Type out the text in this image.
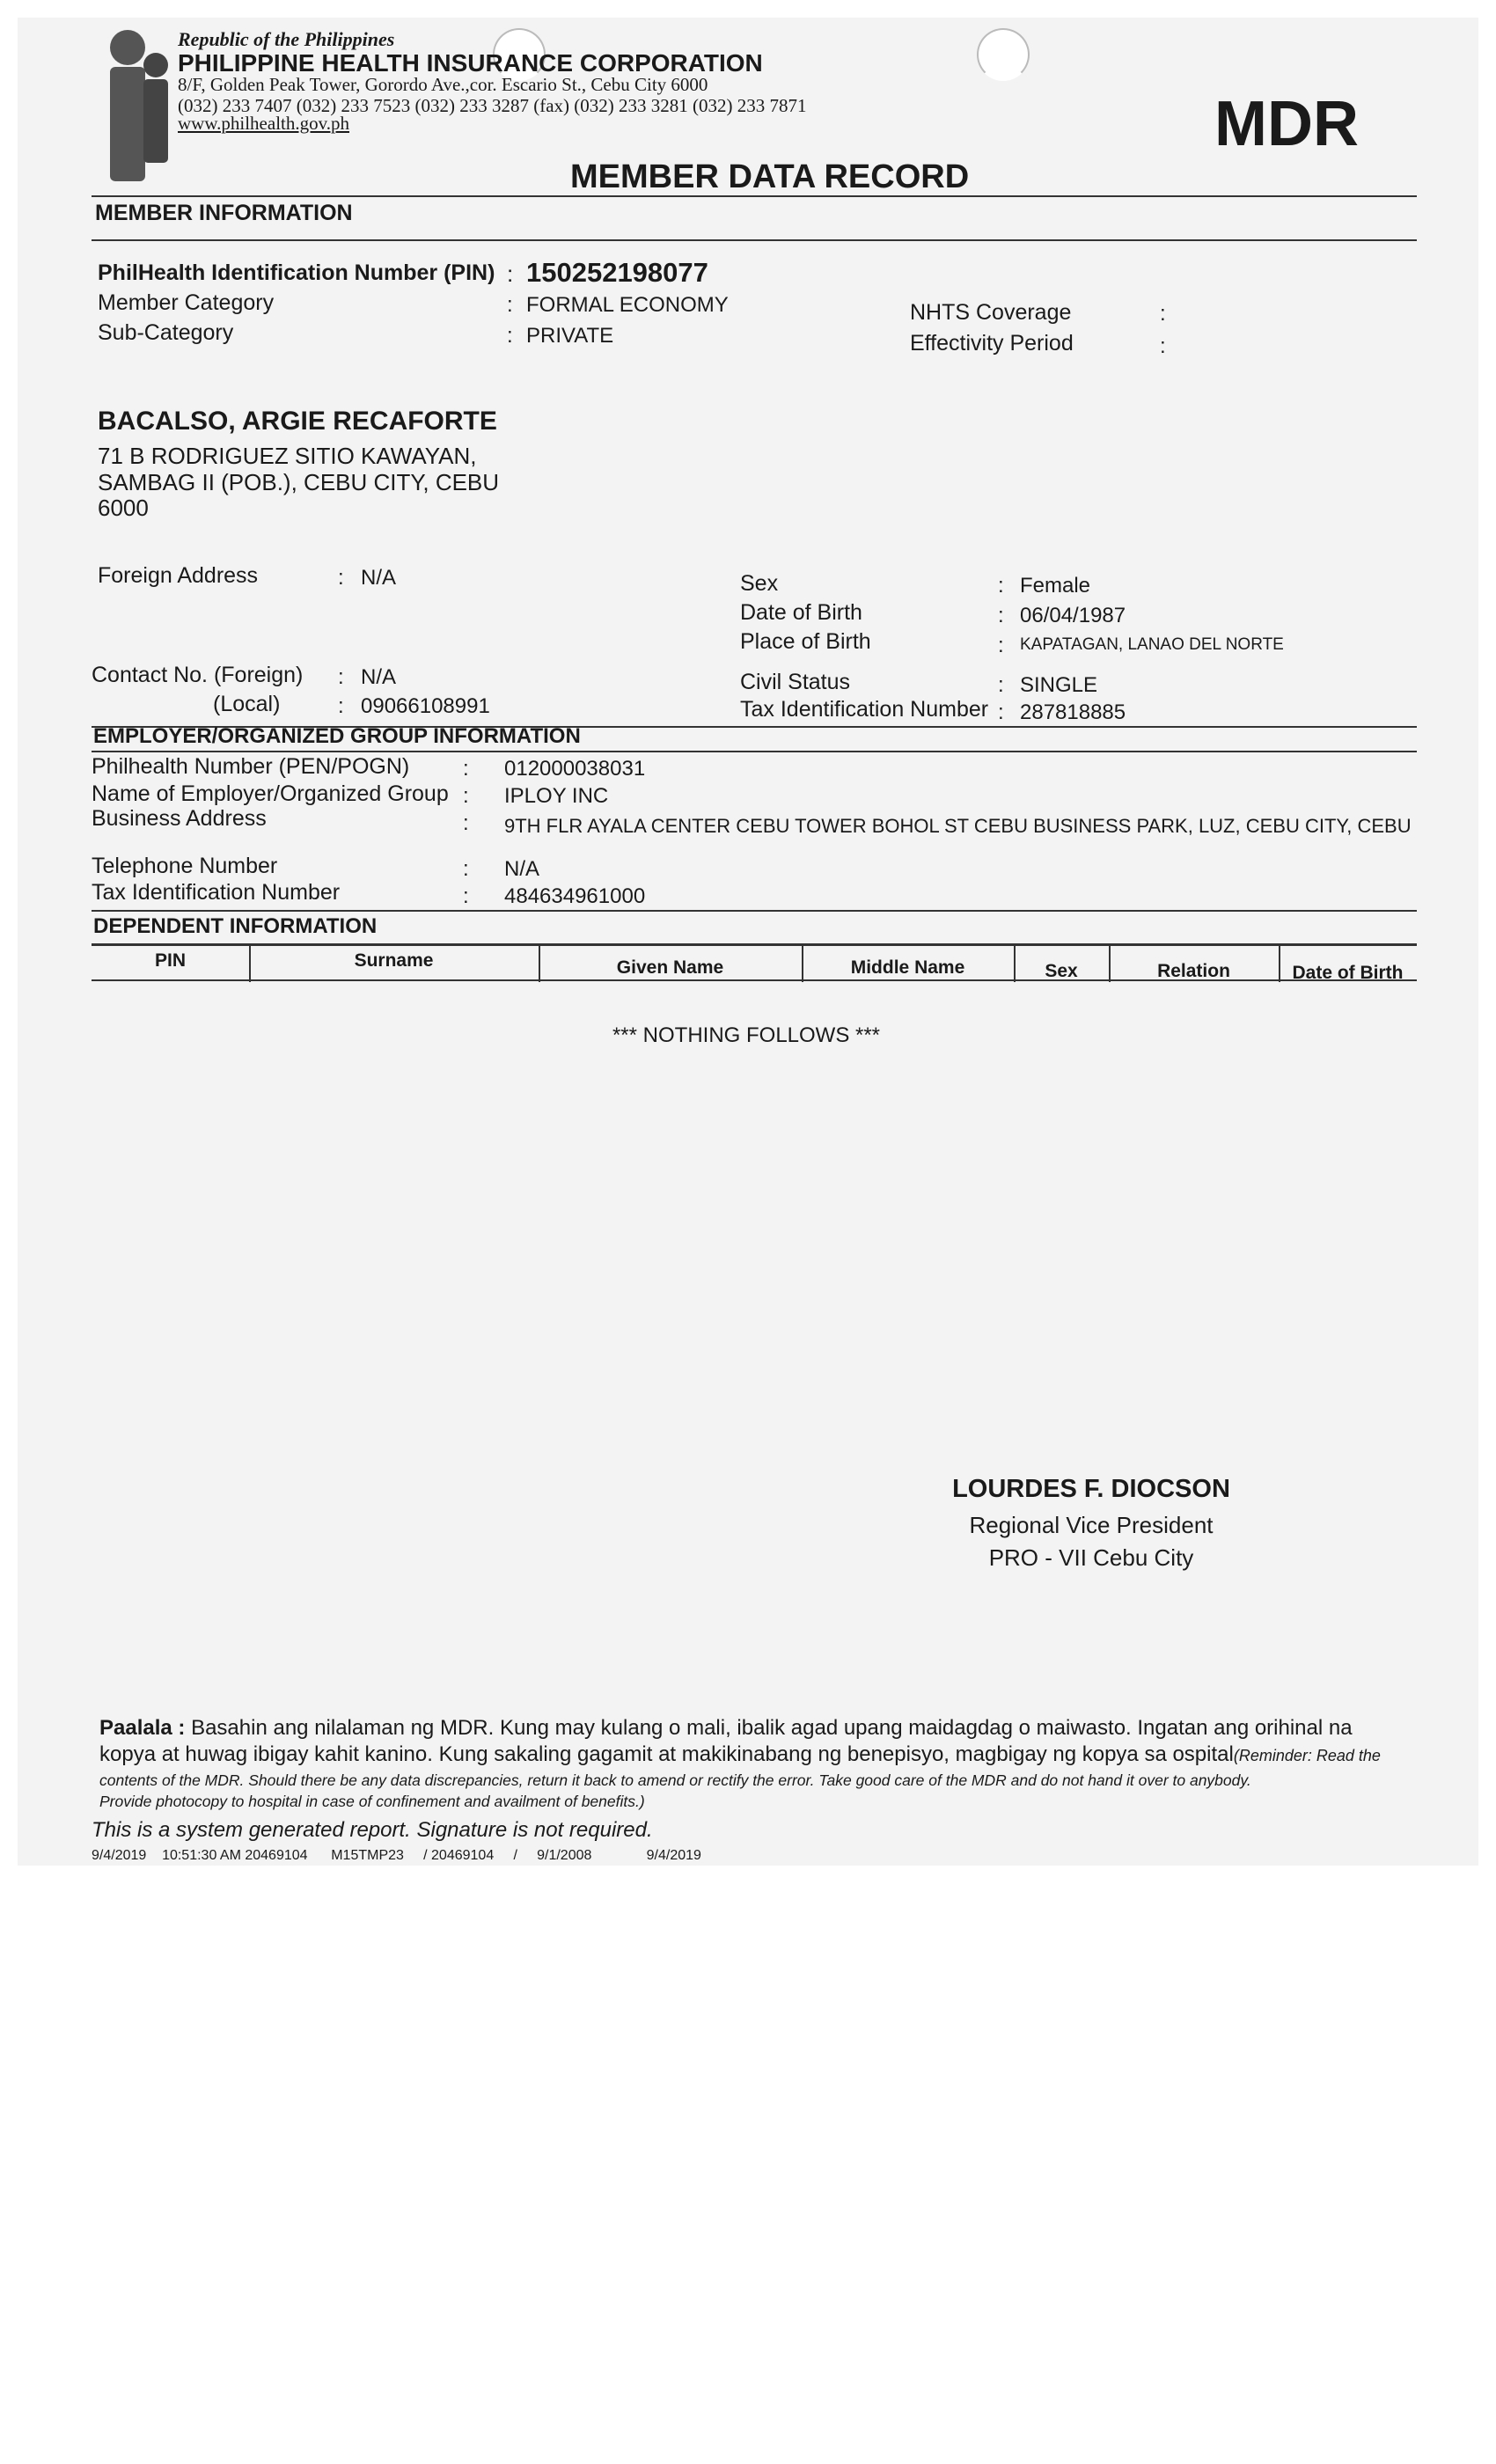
Republic of the Philippines
PHILIPPINE HEALTH INSURANCE CORPORATION
8/F, Golden Peak Tower, Gorordo Ave.,cor. Escario St., Cebu City 6000
(032) 233 7407 (032) 233 7523 (032) 233 3287 (fax) (032) 233 3281 (032) 233 7871
www.philhealth.gov.ph	MDR
MEMBER DATA RECORD
MEMBER INFORMATION
PhilHealth Identification Number (PIN) : 150252198077
Member Category	: FORMAL ECONOMY
Sub-Category	: PRIVATE
NHTS Coverage	:
Effectivity Period	:
BACALSO, ARGIE RECAFORTE
71 B RODRIGUEZ SITIO KAWAYAN,
SAMBAG II (POB.), CEBU CITY, CEBU
6000
Foreign Address	: N/A
Contact No. (Foreign) : N/A
(Local)	: 09066108991
Sex	: Female
Date of Birth	: 06/04/1987
Place of Birth	: KAPATAGAN, LANAO DEL NORTE
Civil Status	: SINGLE
Tax Identification Number : 287818885
EMPLOYER/ORGANIZED GROUP INFORMATION
Philhealth Number (PEN/POGN)	: 012000038031
Name of Employer/Organized Group : IPLOY INC
Business Address	: 9TH FLR AYALA CENTER CEBU TOWER BOHOL ST CEBU BUSINESS PARK, LUZ, CEBU CITY, CEBU
Telephone Number	: N/A
Tax Identification Number	: 484634961000
DEPENDENT INFORMATION
PIN	Surname	Given Name	Middle Name	Sex	Relation	Date of Birth
*** NOTHING FOLLOWS ***
LOURDES F. DIOCSON
Regional Vice President
PRO - VII Cebu City
Paalala : Basahin ang nilalaman ng MDR. Kung may kulang o mali, ibalik agad upang maidagdag o maiwasto. Ingatan ang orihinal na
kopya at huwag ibigay kahit kanino. Kung sakaling gagamit at makikinabang ng benepisyo, magbigay ng kopya sa ospital(Reminder: Read the
contents of the MDR. Should there be any data discrepancies, return it back to amend or rectify the error. Take good care of the MDR and do not hand it over to anybody.
Provide photocopy to hospital in case of confinement and availment of benefits.)
This is a system generated report. Signature is not required.
9/4/2019    10:51:30 AM 20469104      M15TMP23     / 20469104     /     9/1/2008              9/4/2019
